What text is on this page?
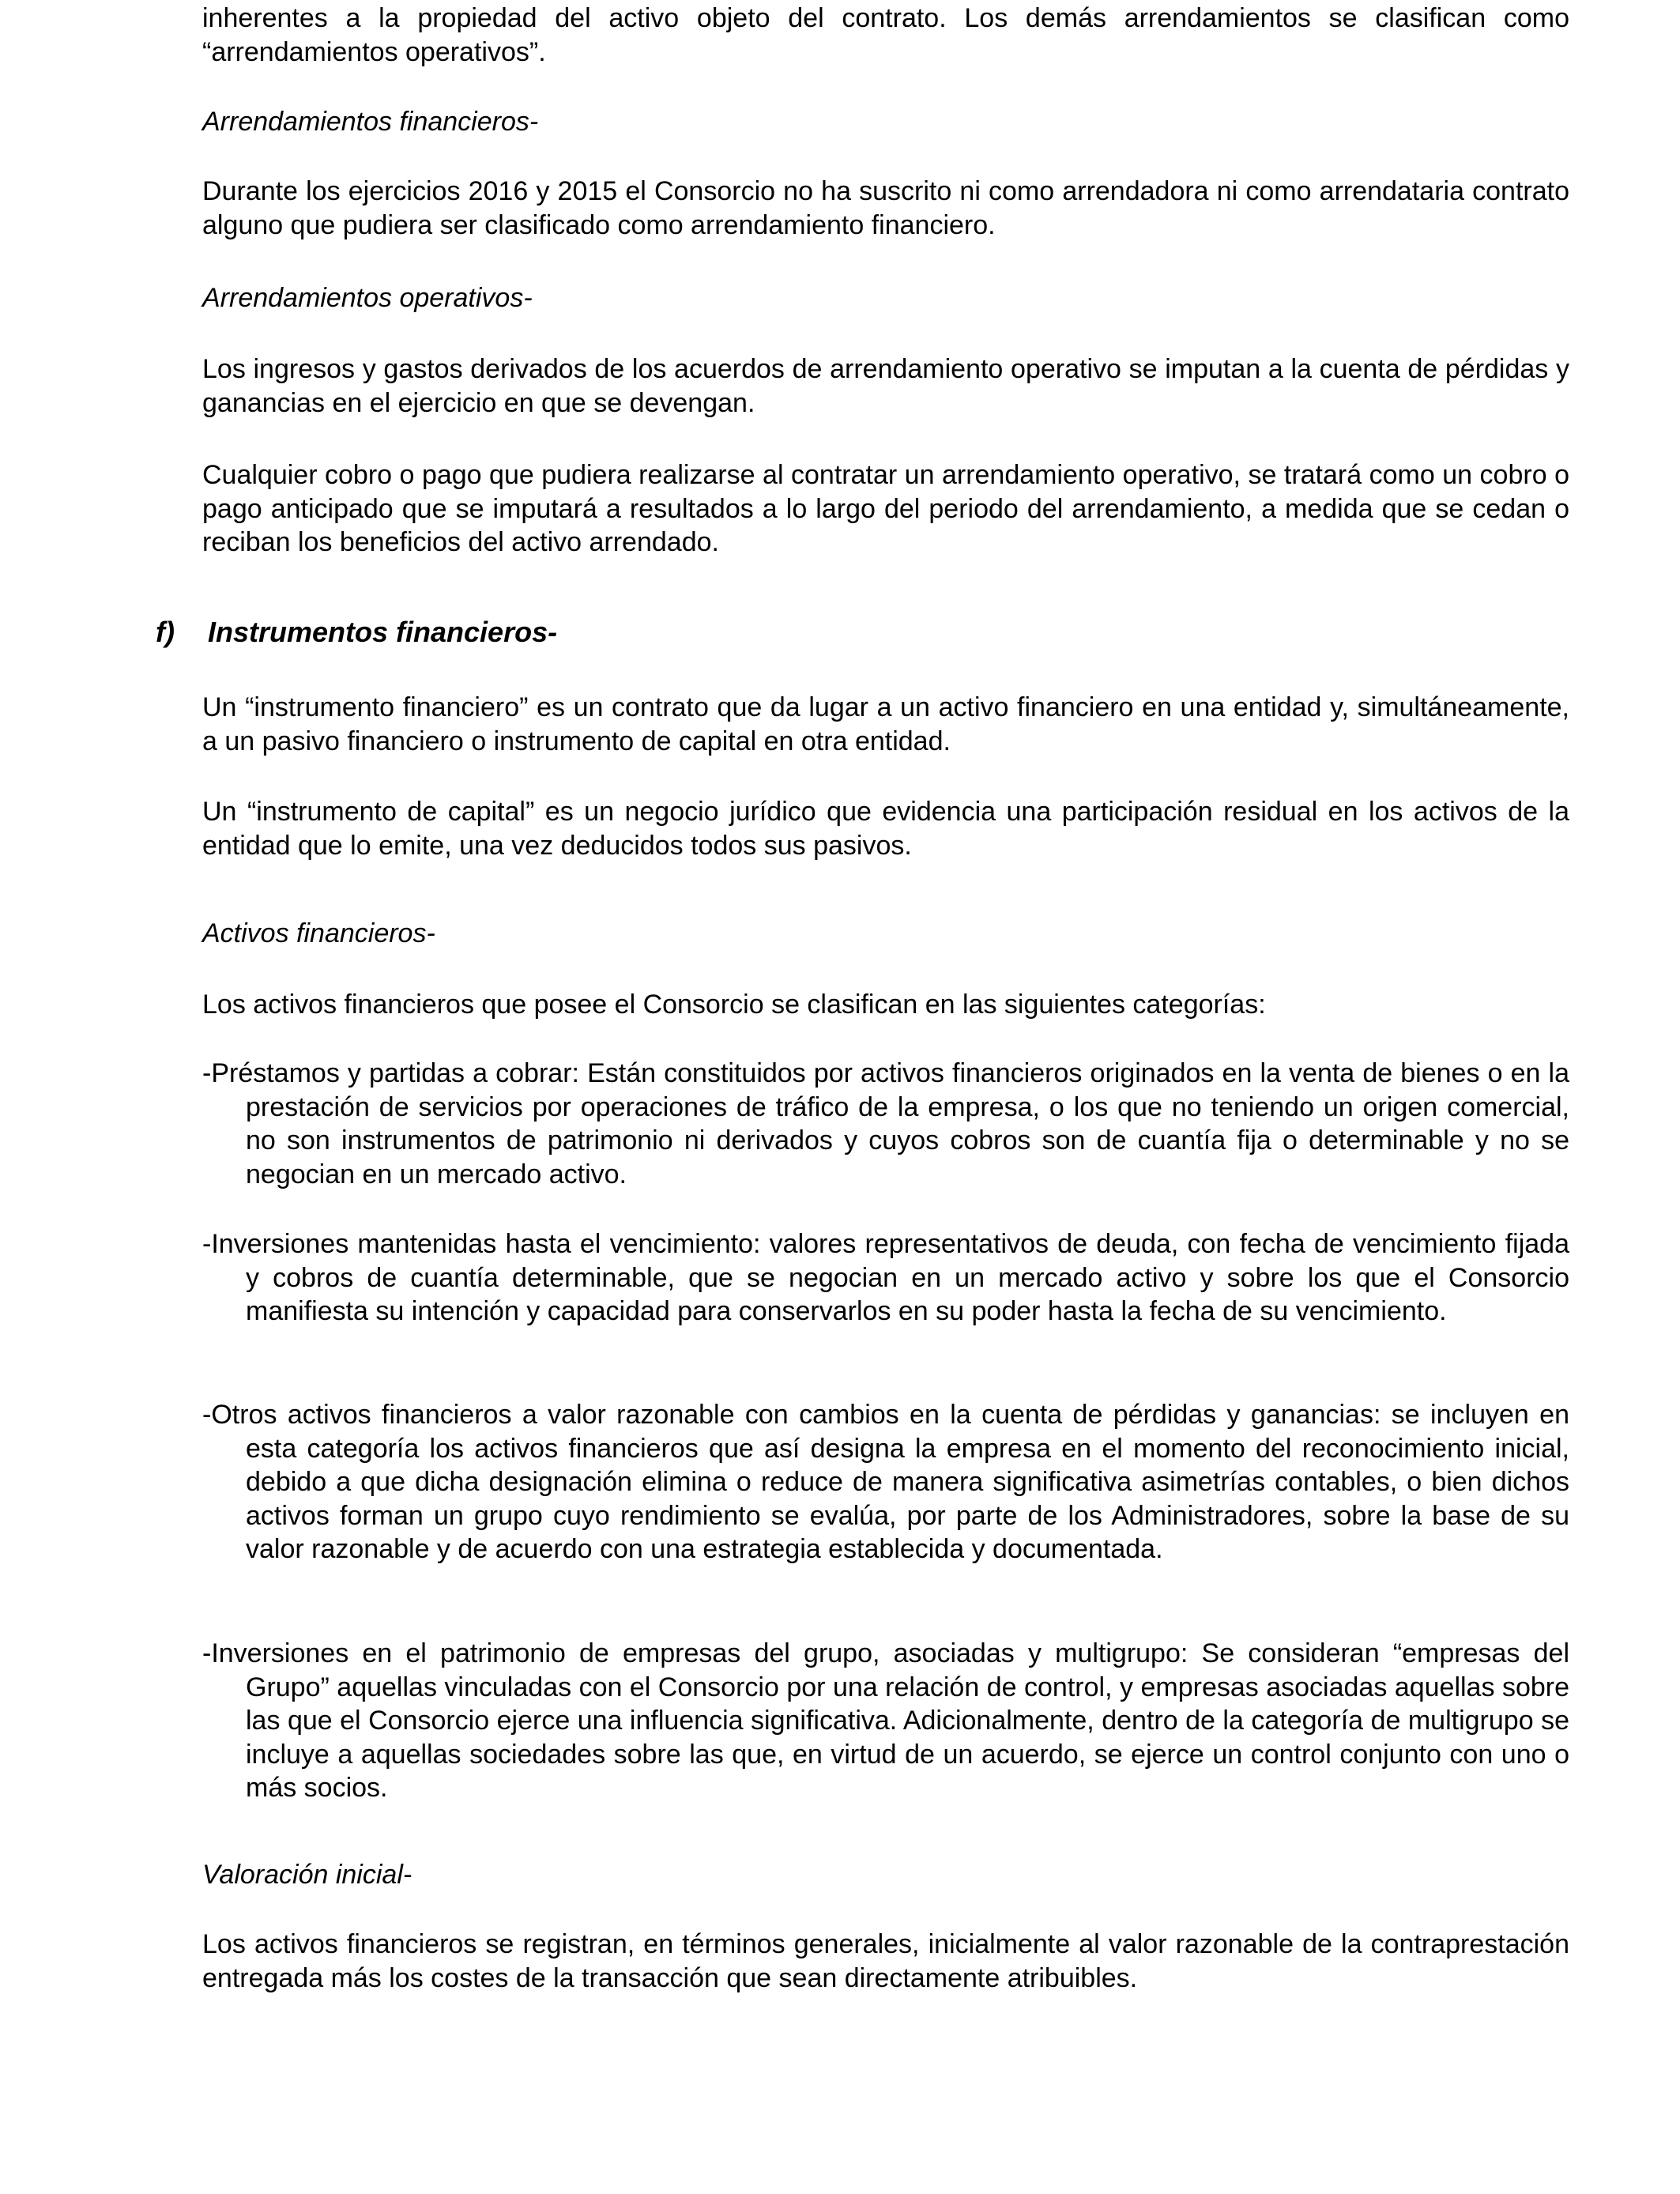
inherentes a la propiedad del activo objeto del contrato. Los demás arrendamientos se clasifican como “arrendamientos operativos”.

Arrendamientos financieros-

Durante los ejercicios 2016 y 2015 el Consorcio no ha suscrito ni como arrendadora ni como arrendataria contrato alguno que pudiera ser clasificado como arrendamiento financiero.

Arrendamientos operativos-

Los ingresos y gastos derivados de los acuerdos de arrendamiento operativo se imputan a la cuenta de pérdidas y ganancias en el ejercicio en que se devengan.

Cualquier cobro o pago que pudiera realizarse al contratar un arrendamiento operativo, se tratará como un cobro o pago anticipado que se imputará a resultados a lo largo del periodo del arrendamiento, a medida que se cedan o reciban los beneficios del activo arrendado.

f) Instrumentos financieros-

Un “instrumento financiero” es un contrato que da lugar a un activo financiero en una entidad y, simultáneamente, a un pasivo financiero o instrumento de capital en otra entidad.

Un “instrumento de capital” es un negocio jurídico que evidencia una participación residual en los activos de la entidad que lo emite, una vez deducidos todos sus pasivos.

Activos financieros-

Los activos financieros que posee el Consorcio se clasifican en las siguientes categorías:

-Préstamos y partidas a cobrar: Están constituidos por activos financieros originados en la venta de bienes o en la prestación de servicios por operaciones de tráfico de la empresa, o los que no teniendo un origen comercial, no son instrumentos de patrimonio ni derivados y cuyos cobros son de cuantía fija o determinable y no se negocian en un mercado activo.

-Inversiones mantenidas hasta el vencimiento: valores representativos de deuda, con fecha de vencimiento fijada y cobros de cuantía determinable, que se negocian en un mercado activo y sobre los que el Consorcio manifiesta su intención y capacidad para conservarlos en su poder hasta la fecha de su vencimiento.

-Otros activos financieros a valor razonable con cambios en la cuenta de pérdidas y ganancias: se incluyen en esta categoría los activos financieros que así designa la empresa en el momento del reconocimiento inicial, debido a que dicha designación elimina o reduce de manera significativa asimetrías contables, o bien dichos activos forman un grupo cuyo rendimiento se evalúa, por parte de los Administradores, sobre la base de su valor razonable y de acuerdo con una estrategia establecida y documentada.

-Inversiones en el patrimonio de empresas del grupo, asociadas y multigrupo: Se consideran “empresas del Grupo” aquellas vinculadas con el Consorcio por una relación de control, y empresas asociadas aquellas sobre las que el Consorcio ejerce una influencia significativa. Adicionalmente, dentro de la categoría de multigrupo se incluye a aquellas sociedades sobre las que, en virtud de un acuerdo, se ejerce un control conjunto con uno o más socios.

Valoración inicial-

Los activos financieros se registran, en términos generales, inicialmente al valor razonable de la contraprestación entregada más los costes de la transacción que sean directamente atribuibles.
